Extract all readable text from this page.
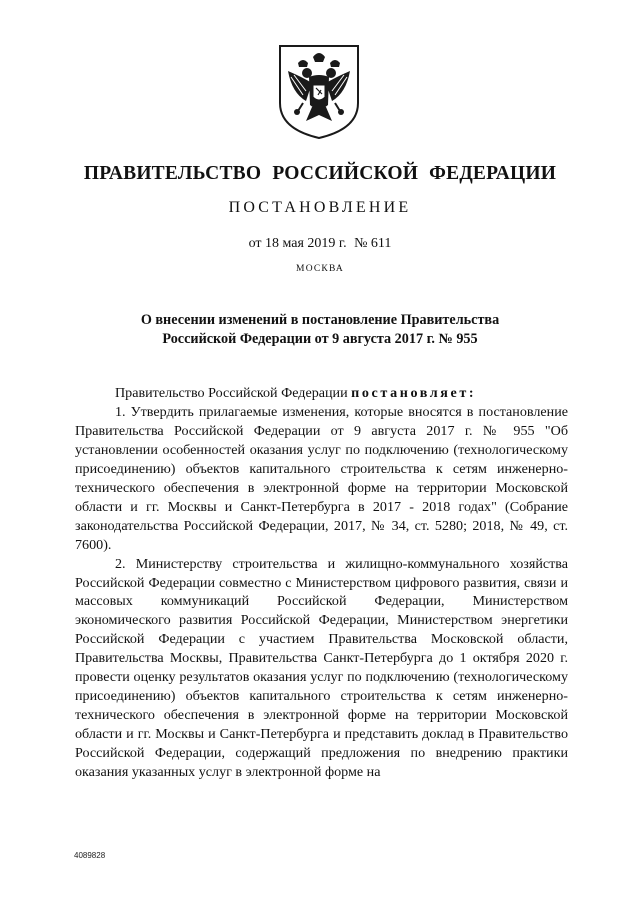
ПРАВИТЕЛЬСТВО РОССИЙСКОЙ ФЕДЕРАЦИИ
ПОСТАНОВЛЕНИЕ
от 18 мая 2019 г. № 611
МОСКВА
О внесении изменений в постановление Правительства
Российской Федерации от 9 августа 2017 г. № 955

Правительство Российской Федерации постановляет:

1. Утвердить прилагаемые изменения, которые вносятся в постановление Правительства Российской Федерации от 9 августа 2017 г. № 955 "Об установлении особенностей оказания услуг по подключению (технологическому присоединению) объектов капитального строительства к сетям инженерно-технического обеспечения в электронной форме на территории Московской области и гг. Москвы и Санкт-Петербурга в 2017 - 2018 годах" (Собрание законодательства Российской Федерации, 2017, № 34, ст. 5280; 2018, № 49, ст. 7600).

2. Министерству строительства и жилищно-коммунального хозяйства Российской Федерации совместно с Министерством цифрового развития, связи и массовых коммуникаций Российской Федерации, Министерством экономического развития Российской Федерации, Министерством энергетики Российской Федерации с участием Правительства Московской области, Правительства Москвы, Правительства Санкт-Петербурга до 1 октября 2020 г. провести оценку результатов оказания услуг по подключению (технологическому присоединению) объектов капитального строительства к сетям инженерно-технического обеспечения в электронной форме на территории Московской области и гг. Москвы и Санкт-Петербурга и представить доклад в Правительство Российской Федерации, содержащий предложения по внедрению практики оказания указанных услуг в электронной форме на

4089828
